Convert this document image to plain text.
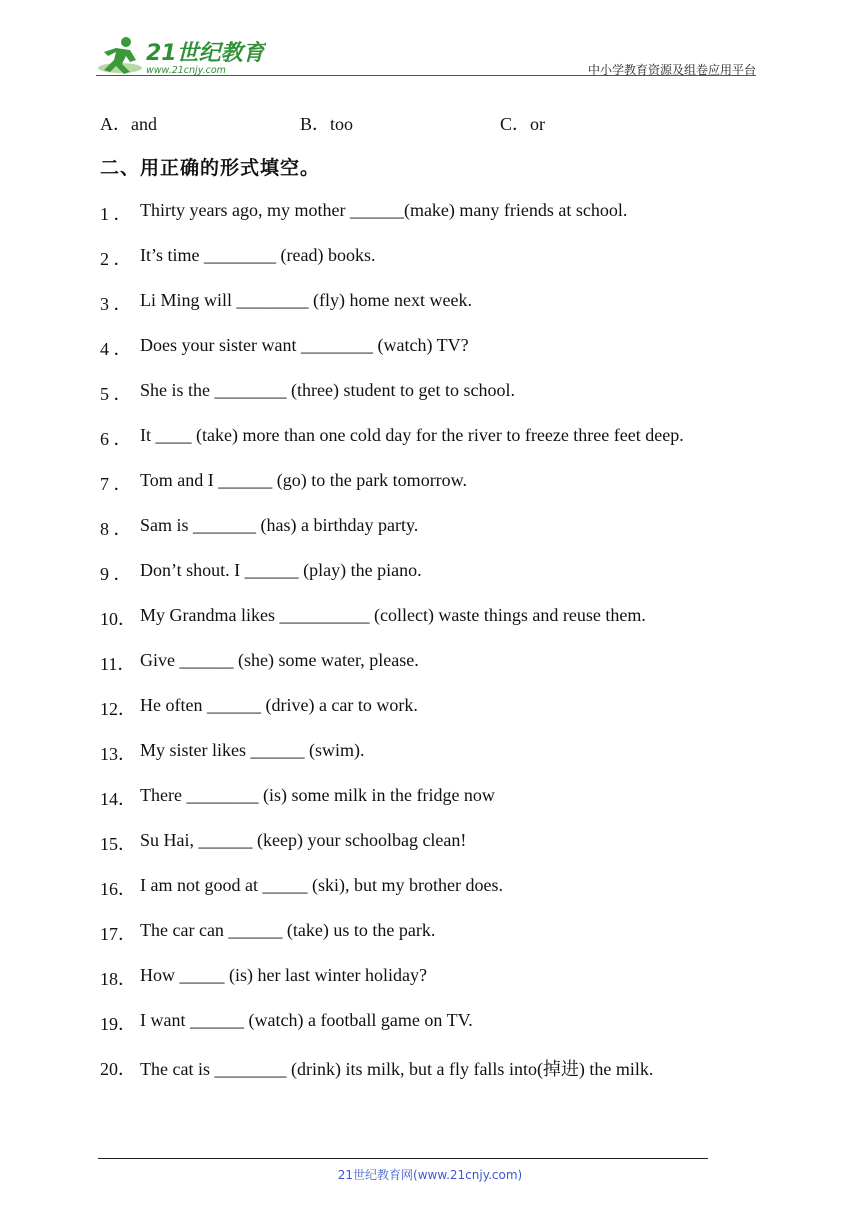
21世纪教育
www.21cnjy.com	中小学教育资源及组卷应用平台
A．and	B．too	C．or
二、用正确的形式填空。
1 ． Thirty years ago, my mother ______(make) many friends at school.
2 ． It’s time ________ (read) books.
3 ． Li Ming will ________ (fly) home next week.
4 ． Does your sister want ________ (watch) TV?
5 ． She is the ________ (three) student to get to school.
6 ． It ____ (take) more than one cold day for the river to freeze three feet deep.
7 ． Tom and I ______ (go) to the park tomorrow.
8 ． Sam is _______ (has) a birthday party.
9 ． Don’t shout. I ______ (play) the piano.
10． My Grandma likes __________ (collect) waste things and reuse them.
11． Give ______ (she) some water, please.
12． He often ______ (drive) a car to work.
13． My sister likes ______ (swim).
14． There ________ (is) some milk in the fridge now
15． Su Hai, ______ (keep) your schoolbag clean!
16． I am not good at _____ (ski), but my brother does.
17． The car can ______ (take) us to the park.
18． How _____ (is) her last winter holiday?
19． I want ______ (watch) a football game on TV.
20． The cat is ________ (drink) its milk, but a fly falls into(掉进) the milk.
21世纪教育网(www.21cnjy.com)
